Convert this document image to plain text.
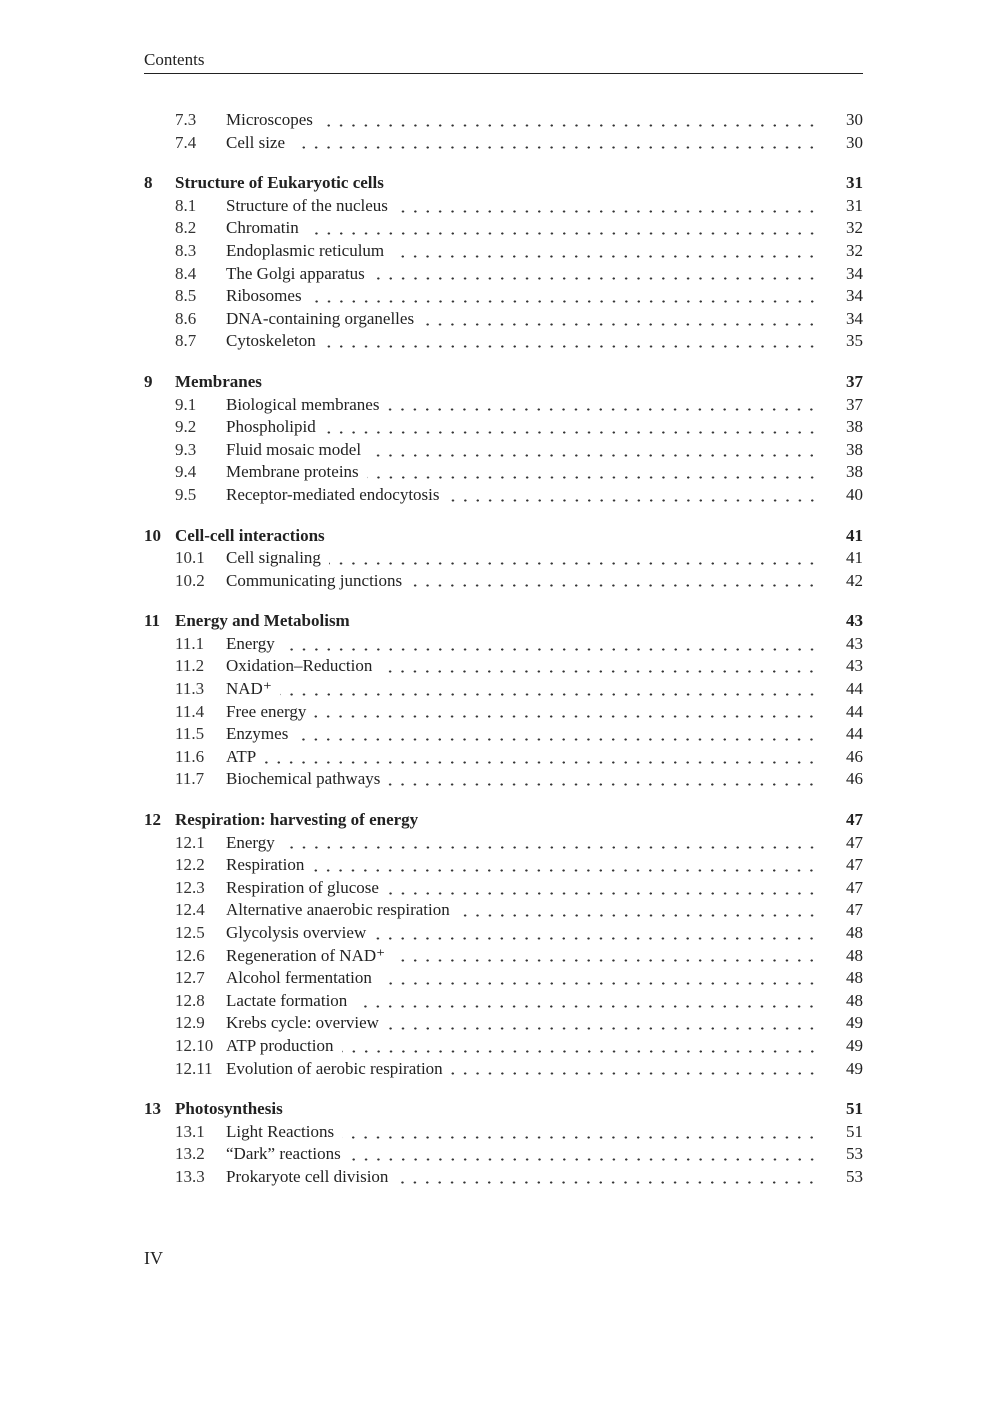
Contents
7.3	Microscopes	30
7.4	Cell size	30
8	Structure of Eukaryotic cells	31
8.1	Structure of the nucleus	31
8.2	Chromatin	32
8.3	Endoplasmic reticulum	32
8.4	The Golgi apparatus	34
8.5	Ribosomes	34
8.6	DNA-containing organelles	34
8.7	Cytoskeleton	35
9	Membranes	37
9.1	Biological membranes	37
9.2	Phospholipid	38
9.3	Fluid mosaic model	38
9.4	Membrane proteins	38
9.5	Receptor-mediated endocytosis	40
10 Cell-cell interactions	41
10.1	Cell signaling	41
10.2	Communicating junctions	42
11 Energy and Metabolism	43
11.1	Energy	43
11.2	Oxidation–Reduction	43
11.3	NAD⁺	44
11.4	Free energy	44
11.5	Enzymes	44
11.6	ATP	46
11.7	Biochemical pathways	46
12 Respiration: harvesting of energy	47
12.1	Energy	47
12.2	Respiration	47
12.3	Respiration of glucose	47
12.4	Alternative anaerobic respiration	47
12.5	Glycolysis overview	48
12.6	Regeneration of NAD⁺	48
12.7	Alcohol fermentation	48
12.8	Lactate formation	48
12.9	Krebs cycle: overview	49
12.10 ATP production	49
12.11 Evolution of aerobic respiration	49
13 Photosynthesis	51
13.1	Light Reactions	51
13.2	“Dark” reactions	53
13.3	Prokaryote cell division	53
IV
